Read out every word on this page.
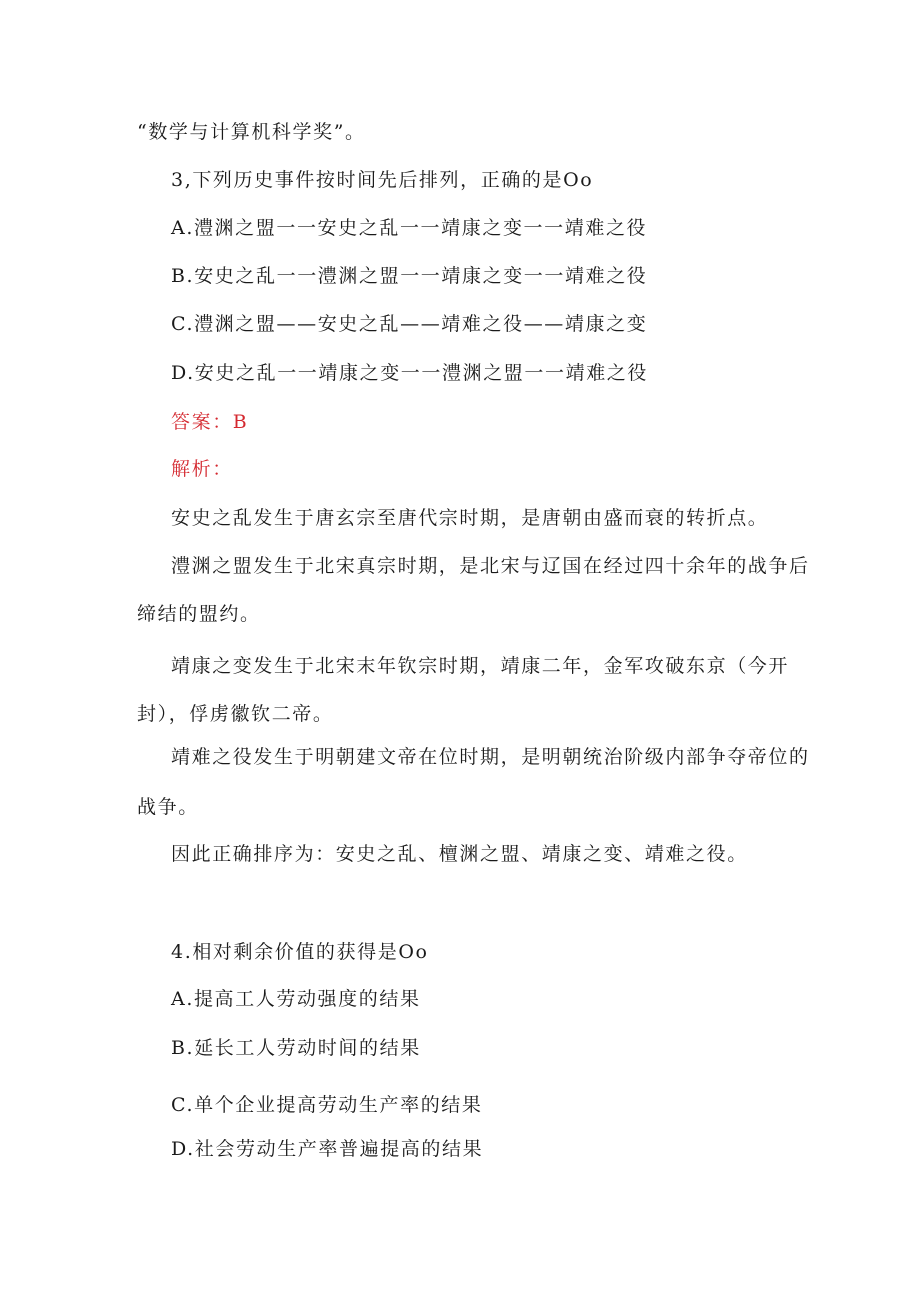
“数学与计算机科学奖”。
3,下列历史事件按时间先后排列，正确的是Oo
A.澧渊之盟一一安史之乱一一靖康之变一一靖难之役
B.安史之乱一一澧渊之盟一一靖康之变一一靖难之役
C.澧渊之盟——安史之乱——靖难之役——靖康之变
D.安史之乱一一靖康之变一一澧渊之盟一一靖难之役
答案：B
解析：
安史之乱发生于唐玄宗至唐代宗时期，是唐朝由盛而衰的转折点。
澧渊之盟发生于北宋真宗时期，是北宋与辽国在经过四十余年的战争后
缔结的盟约。
靖康之变发生于北宋末年钦宗时期，靖康二年，金军攻破东京（今开
封），俘虏徽钦二帝。
靖难之役发生于明朝建文帝在位时期，是明朝统治阶级内部争夺帝位的
战争。
因此正确排序为：安史之乱、檀渊之盟、靖康之变、靖难之役。
4.相对剩余价值的获得是Oo
A.提高工人劳动强度的结果
B.延长工人劳动时间的结果
C.单个企业提高劳动生产率的结果
D.社会劳动生产率普遍提高的结果
